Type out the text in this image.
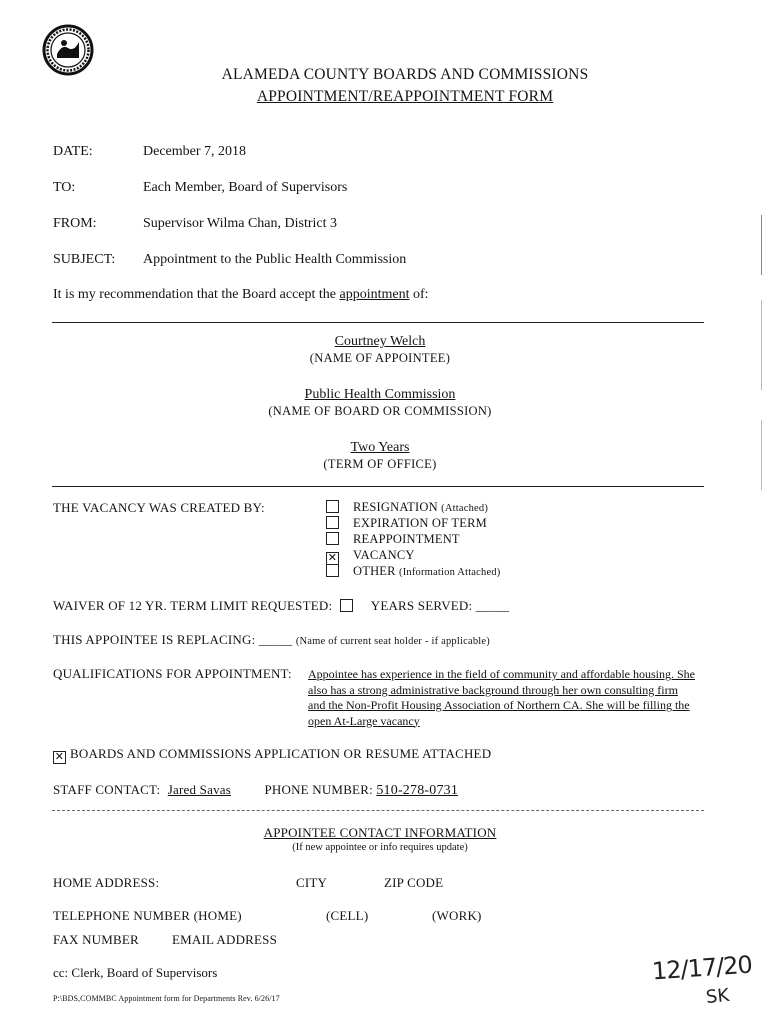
ALAMEDA COUNTY BOARDS AND COMMISSIONS
APPOINTMENT/REAPPOINTMENT FORM
DATE:	December 7, 2018
TO:	Each Member, Board of Supervisors
FROM:	Supervisor Wilma Chan, District 3
SUBJECT: Appointment to the Public Health Commission
It is my recommendation that the Board accept the appointment of:
Courtney Welch
(NAME OF APPOINTEE)
Public Health Commission
(NAME OF BOARD OR COMMISSION)
Two Years
(TERM OF OFFICE)
THE VACANCY WAS CREATED BY:	RESIGNATION (Attached)
EXPIRATION OF TERM
REAPPOINTMENT
✕ VACANCY
OTHER (Information Attached)
WAIVER OF 12 YR. TERM LIMIT REQUESTED:	YEARS SERVED: _____
THIS APPOINTEE IS REPLACING: _____ (Name of current seat holder - if applicable)
QUALIFICATIONS FOR APPOINTMENT: Appointee has experience in the field of community and affordable housing. She also has a strong administrative background through her own consulting firm and the Non-Profit Housing Association of Northern CA. She will be filling the open At-Large vacancy
✕ BOARDS AND COMMISSIONS APPLICATION OR RESUME ATTACHED
STAFF CONTACT: Jared Savas	PHONE NUMBER: 510-278-0731
APPOINTEE CONTACT INFORMATION
(If new appointee or info requires update)
HOME ADDRESS:	CITY	ZIP CODE
TELEPHONE NUMBER (HOME)	(CELL)	(WORK)
FAX NUMBER	EMAIL ADDRESS
cc: Clerk, Board of Supervisors
P:\BDS,COMMBC Appointment form for Departments Rev. 6/26/17
12/17/20
SK
